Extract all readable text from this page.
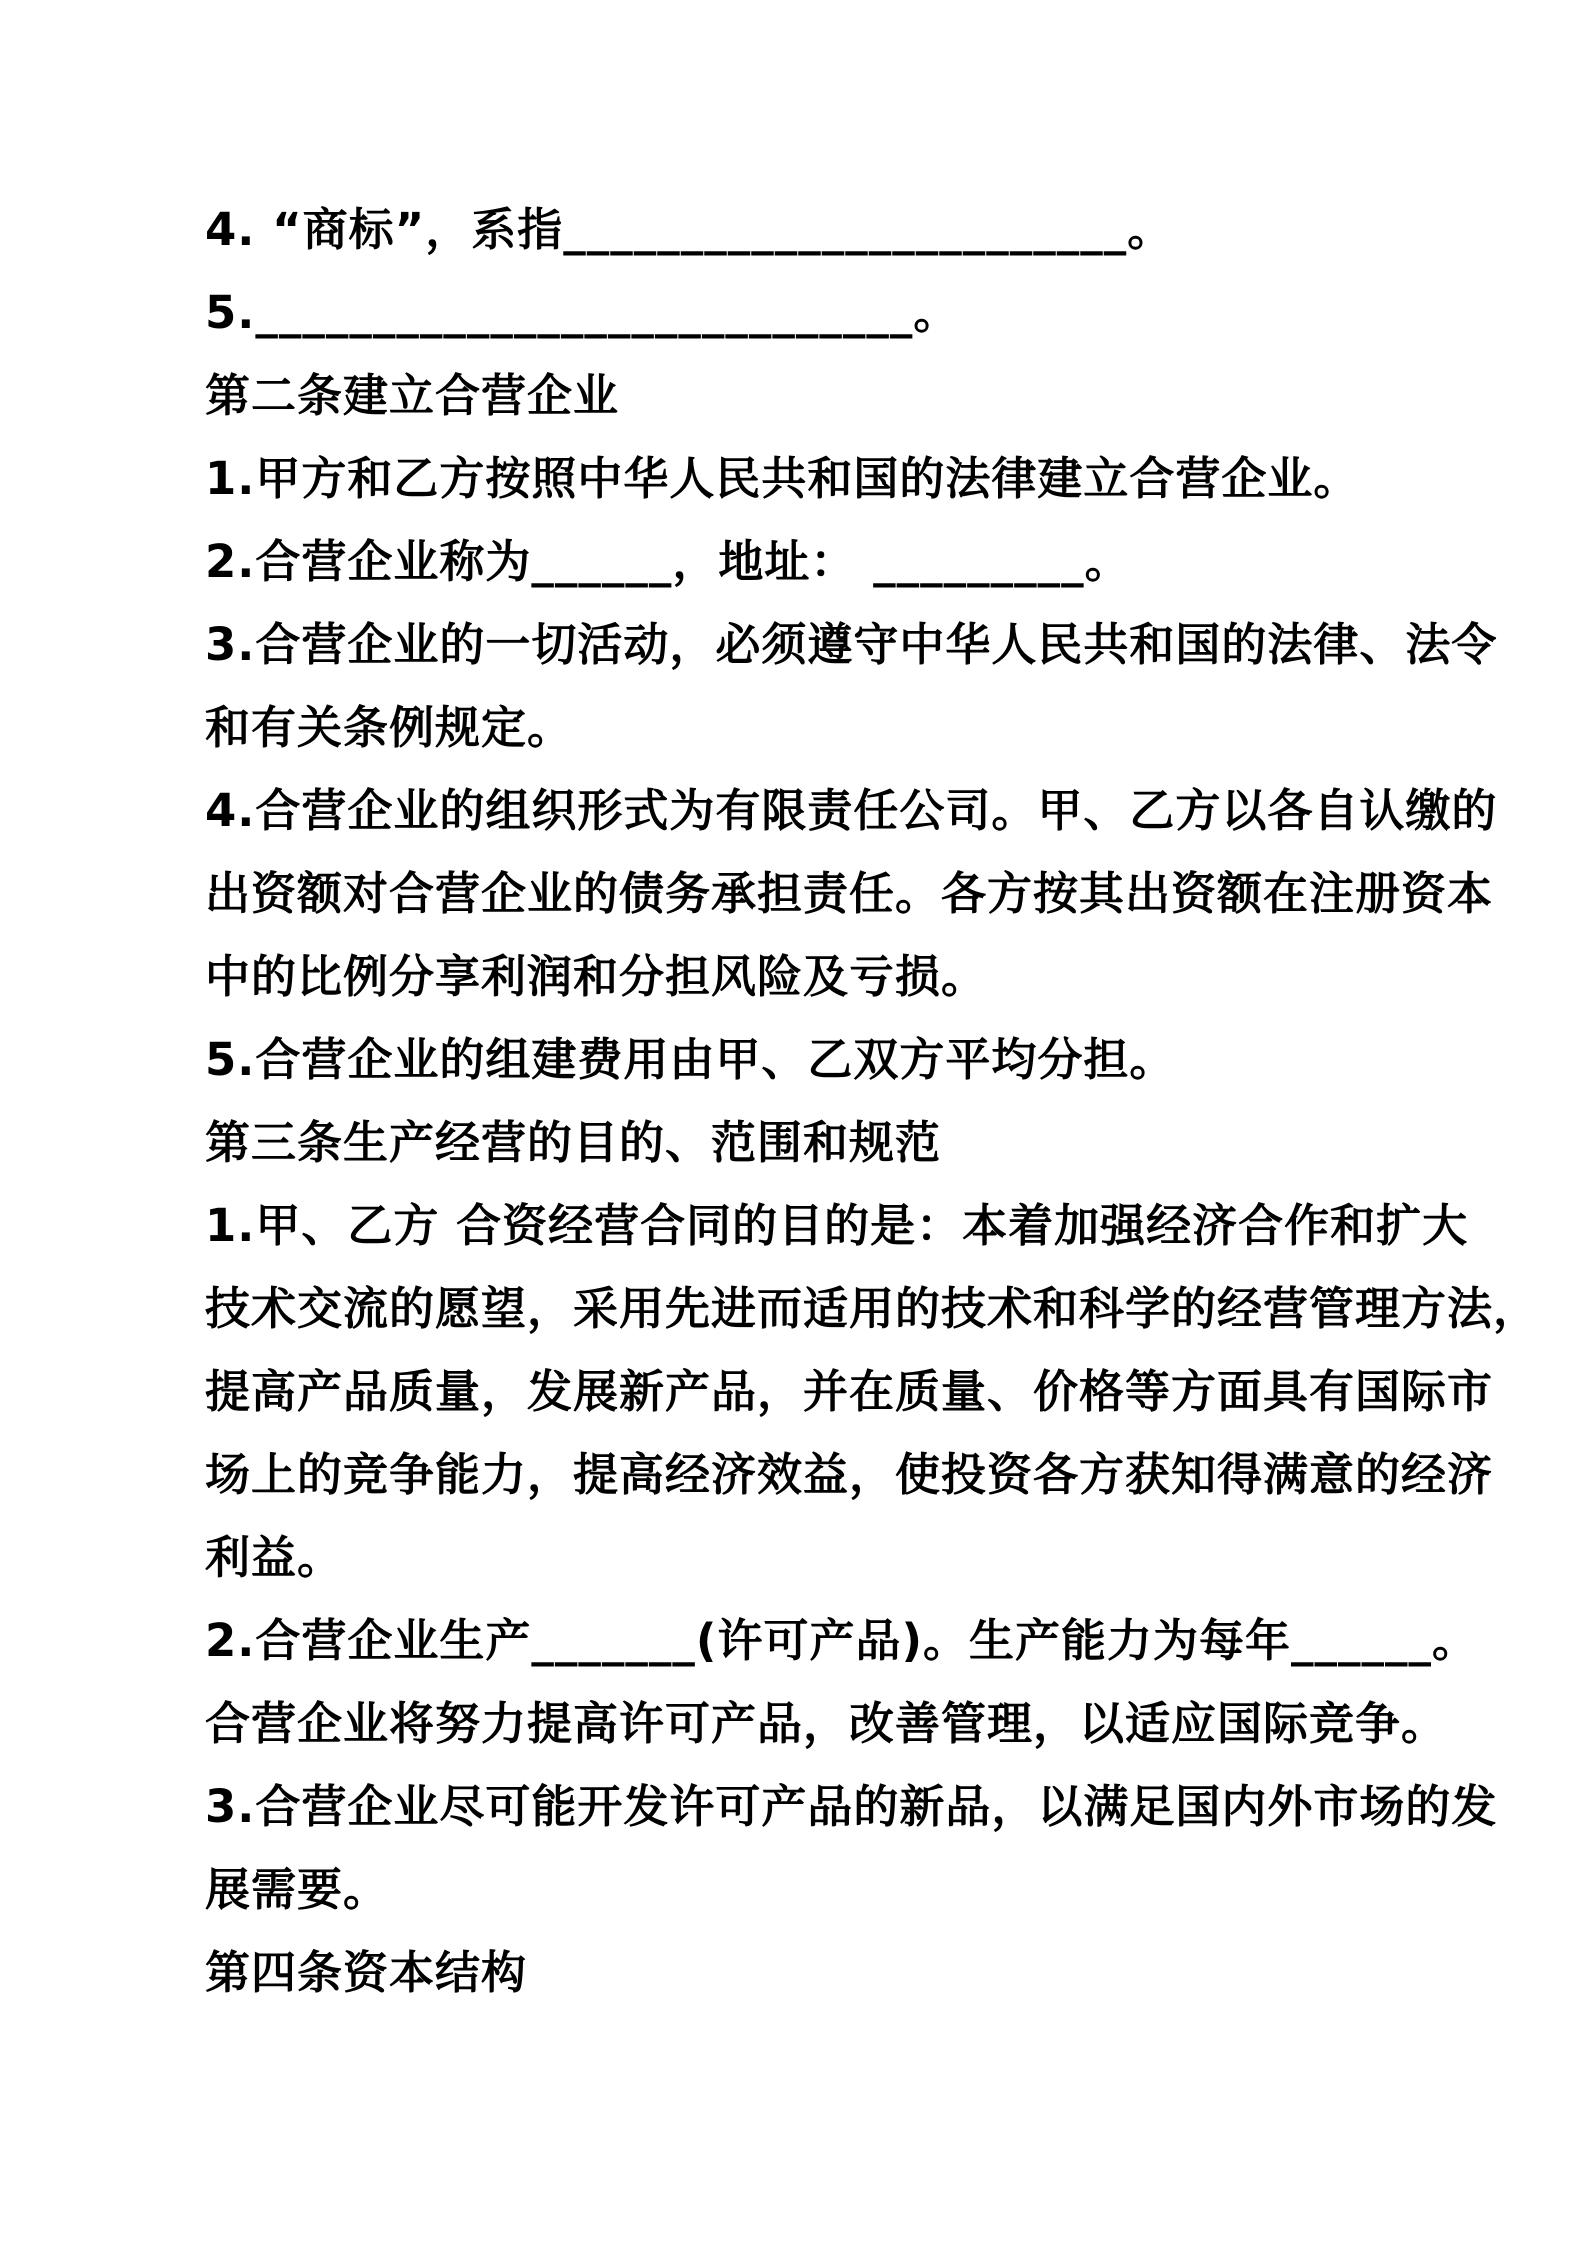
4. “商标”，系指________________________。
5.____________________________。
第二条建立合营企业
1.甲方和乙方按照中华人民共和国的法律建立合营企业。
2.合营企业称为______，地址： _________。
3.合营企业的一切活动，必须遵守中华人民共和国的法律、法令
和有关条例规定。
4.合营企业的组织形式为有限责任公司。甲、乙方以各自认缴的
出资额对合营企业的债务承担责任。各方按其出资额在注册资本
中的比例分享利润和分担风险及亏损。
5.合营企业的组建费用由甲、乙双方平均分担。
第三条生产经营的目的、范围和规范
1.甲、乙方 合资经营合同的目的是：本着加强经济合作和扩大
技术交流的愿望，采用先进而适用的技术和科学的经营管理方法，
提高产品质量，发展新产品，并在质量、价格等方面具有国际市
场上的竞争能力，提高经济效益，使投资各方获知得满意的经济
利益。
2.合营企业生产_______(许可产品)。生产能力为每年______。
合营企业将努力提高许可产品，改善管理，以适应国际竞争。
3.合营企业尽可能开发许可产品的新品，以满足国内外市场的发
展需要。
第四条资本结构
